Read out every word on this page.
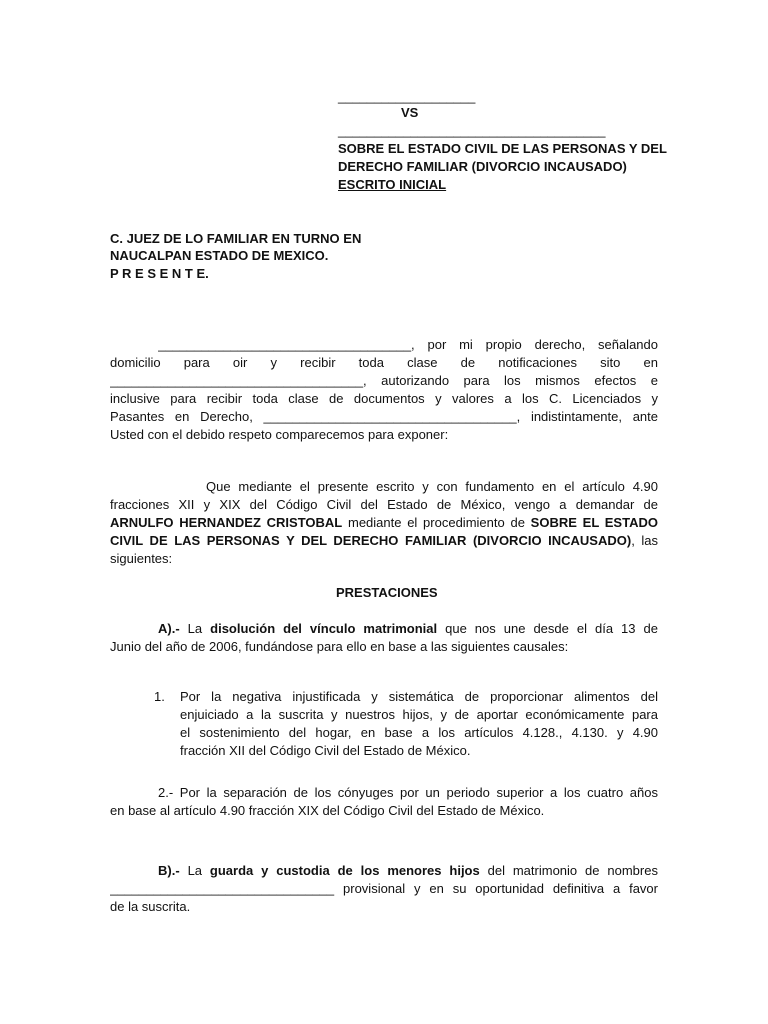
___________________
VS
_____________________________________
SOBRE EL ESTADO CIVIL DE LAS PERSONAS Y DEL
DERECHO FAMILIAR (DIVORCIO INCAUSADO)
ESCRITO INICIAL
C. JUEZ DE LO FAMILIAR EN TURNO EN
NAUCALPAN ESTADO DE MEXICO.
P R E S E N T E.
___________________________________, por mi propio derecho, señalando
domicilio para oir y recibir toda clase de notificaciones sito en
___________________________________, autorizando para los mismos efectos e
inclusive para recibir toda clase de documentos y valores a los C. Licenciados y
Pasantes en Derecho, ___________________________________, indistintamente, ante
Usted con el debido respeto comparecemos para exponer:
Que mediante el presente escrito y con fundamento en el artículo 4.90
fracciones XII y XIX del Código Civil del Estado de México, vengo a demandar de
ARNULFO HERNANDEZ CRISTOBAL mediante el procedimiento de SOBRE EL ESTADO
CIVIL DE LAS PERSONAS Y DEL DERECHO FAMILIAR (DIVORCIO INCAUSADO), las
siguientes:
PRESTACIONES
A).- La disolución del vínculo matrimonial que nos une desde el día 13 de
Junio del año de 2006, fundándose para ello en base a las siguientes causales:
1. Por la negativa injustificada y sistemática de proporcionar alimentos del
enjuiciado a la suscrita y nuestros hijos, y de aportar económicamente para
el sostenimiento del hogar, en base a los artículos 4.128., 4.130. y 4.90
fracción XII del Código Civil del Estado de México.
2.- Por la separación de los cónyuges por un periodo superior a los cuatro años
en base al artículo 4.90 fracción XIX del Código Civil del Estado de México.
B).- La guarda y custodia de los menores hijos del matrimonio de nombres
_______________________________ provisional y en su oportunidad definitiva a favor
de la suscrita.
